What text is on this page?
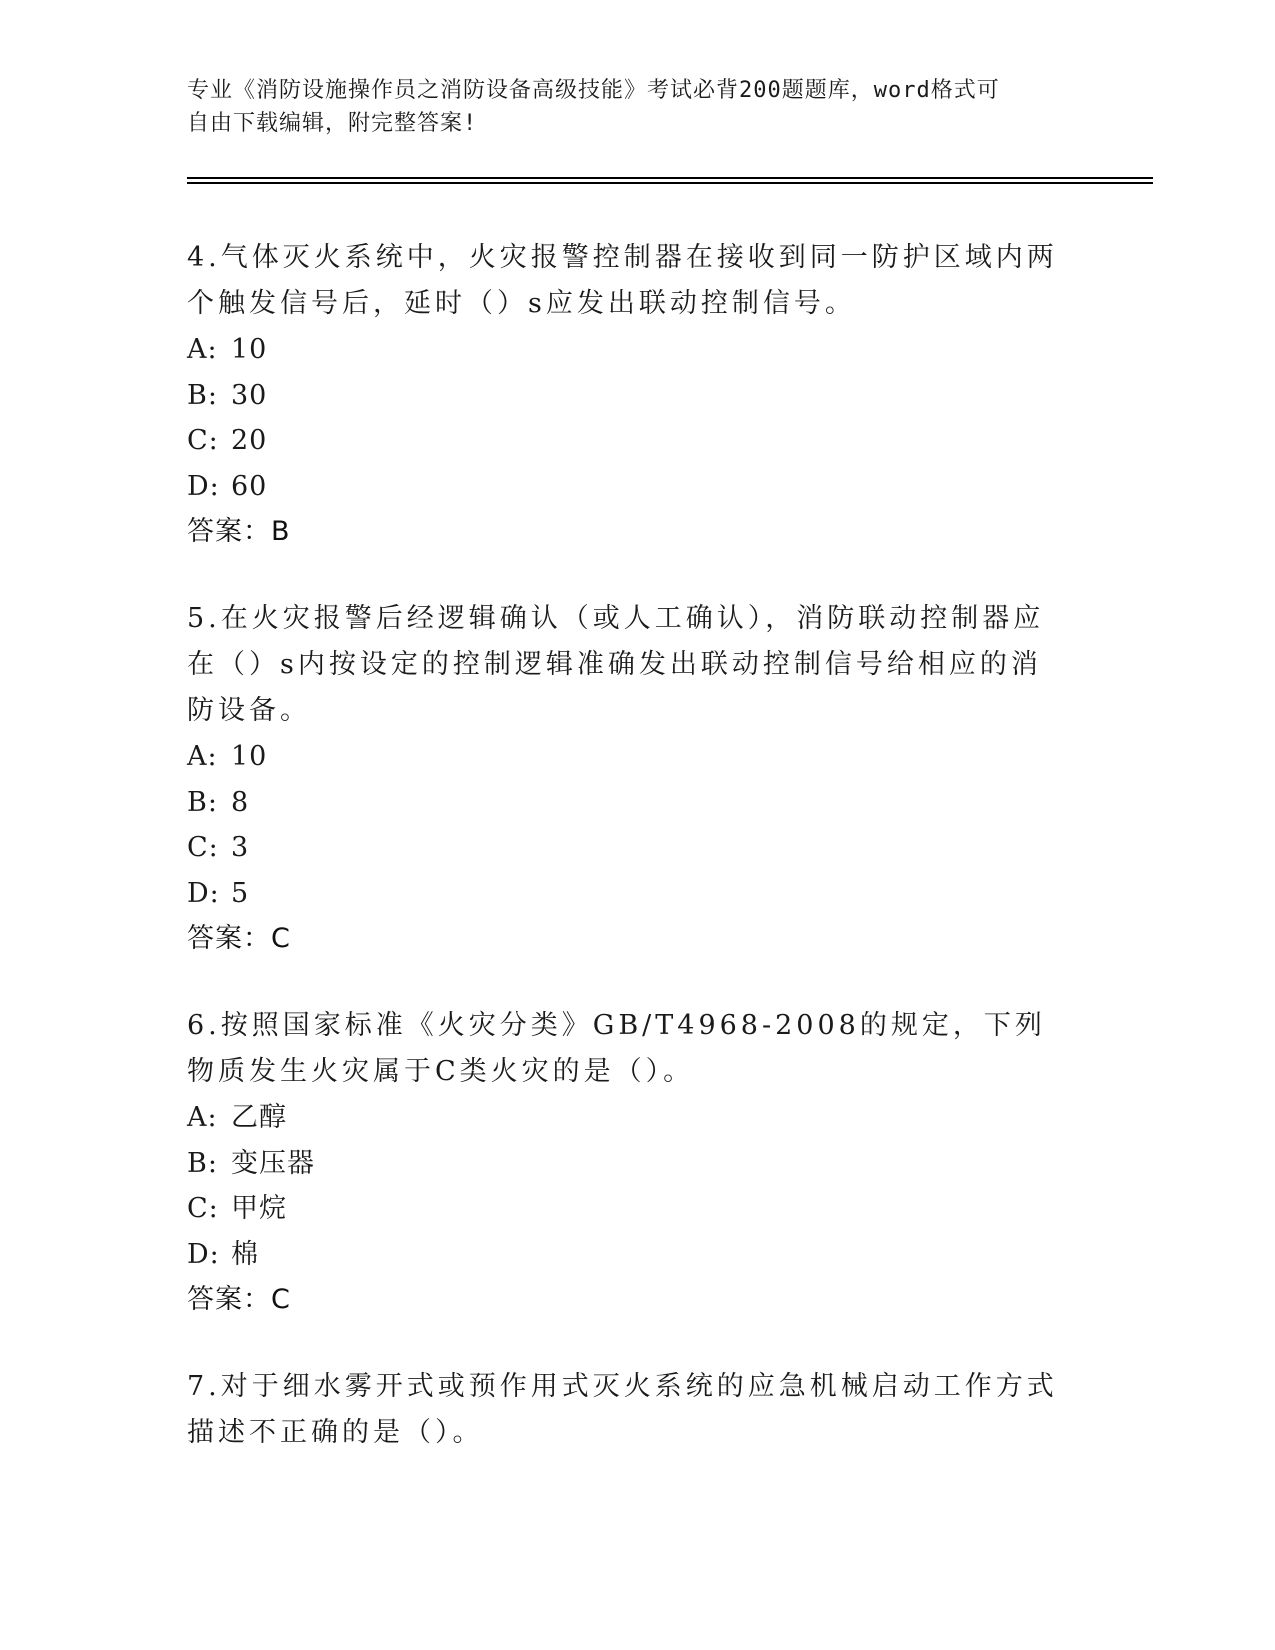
专业《消防设施操作员之消防设备高级技能》考试必背200题题库，word格式可
自由下载编辑，附完整答案!
4.气体灭火系统中，火灾报警控制器在接收到同一防护区域内两个触发信号后，延时（）s应发出联动控制信号。
A: 10
B: 30
C: 20
D: 60
答案：B
5.在火灾报警后经逻辑确认（或人工确认），消防联动控制器应在（）s内按设定的控制逻辑准确发出联动控制信号给相应的消防设备。
A: 10
B: 8
C: 3
D: 5
答案：C
6.按照国家标准《火灾分类》GB/T4968-2008的规定，下列物质发生火灾属于C类火灾的是（）。
A: 乙醇
B: 变压器
C: 甲烷
D: 棉
答案：C
7.对于细水雾开式或预作用式灭火系统的应急机械启动工作方式描述不正确的是（）。
